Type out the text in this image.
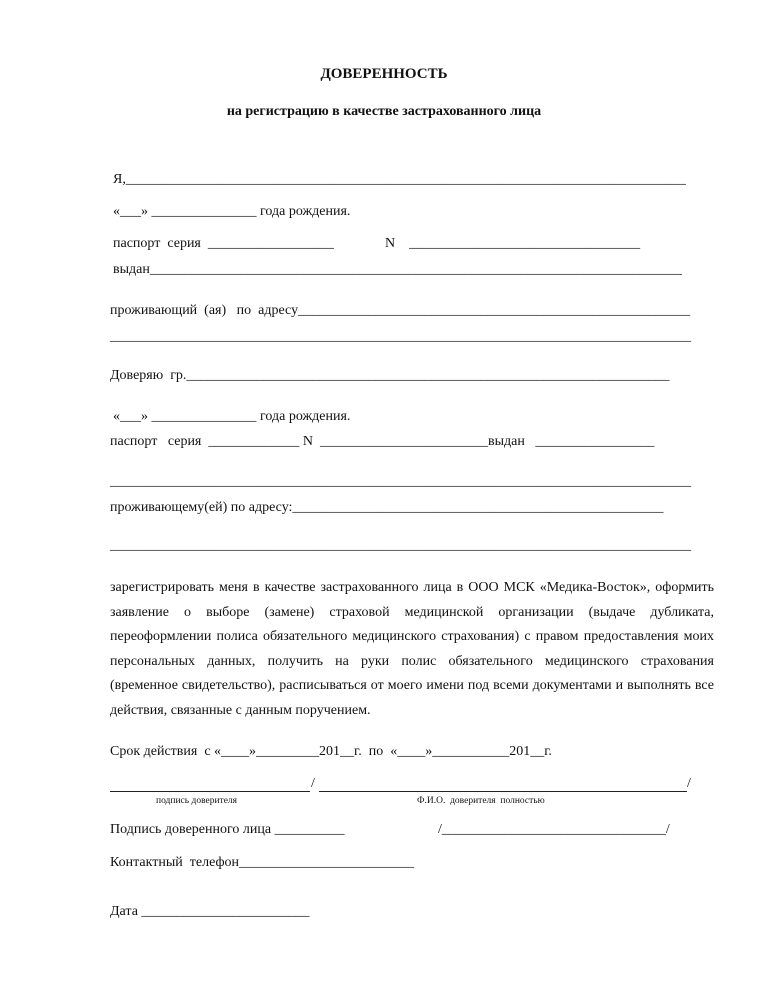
ДОВЕРЕННОСТЬ
на регистрацию в качестве застрахованного лица
Я,________________________________________________________________________________
«___» _______________ года рождения.
паспорт  серия  __________________	N    _________________________________
выдан____________________________________________________________________________
проживающий  (ая)   по  адресу________________________________________________________
___________________________________________________________________________________
Доверяю  гр._____________________________________________________________________
«___» _______________ года рождения.
паспорт   серия  _____________ N  ________________________выдан   _________________
___________________________________________________________________________________
проживающему(ей) по адресу:_____________________________________________________
___________________________________________________________________________________
зарегистрировать меня в качестве застрахованного лица в ООО МСК «Медика-Восток», оформить заявление о выборе (замене) страховой медицинской организации (выдаче дубликата, переоформлении полиса обязательного медицинского страхования) с правом предоставления моих персональных данных, получить на руки полис обязательного медицинского страхования (временное свидетельство), расписываться от моего имени под всеми документами и выполнять все действия, связанные с данным поручением.
Срок действия  с «____»_________201__г.  по  «____»___________201__г.
/	/
подпись доверителя	Ф.И.О.  доверителя  полностью
Подпись доверенного лица __________	/________________________________/
Контактный  телефон_________________________
Дата ________________________
